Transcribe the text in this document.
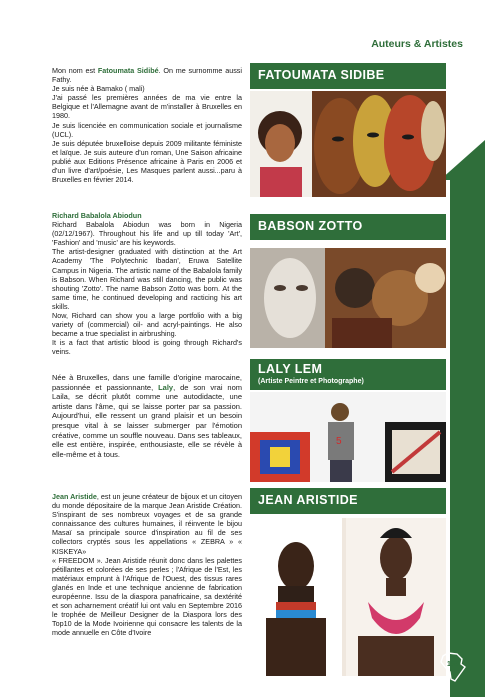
Auteurs & Artistes

Mon nom est Fatoumata Sidibé. On me surnomme aussi Fathy.

Je suis née à Bamako ( mali)

J'ai passé les premières années de ma vie entre la Belgique et l'Allemagne avant de m'installer à Bruxelles en 1980.

Je suis licenciée en communication sociale et journalisme (UCL).

Je suis députée bruxelloise depuis 2009 militante féministe et laïque. Je suis auteure d'un roman, Une Saison africaine publié aux Editions Présence africaine à Paris en 2006 et d'un livre d'art/poésie, Les Masques parlent aussi...paru à Bruxelles en février 2014.

Richard Babalola Abiodun

Richard Babalola Abiodun was born in Nigeria (02/12/1967). Throughout his life and up till today 'Art', 'Fashion' and 'music' are his keywords.

The artist-designer graduated with distinction at the Art Academy 'The Polytechnic Ibadan', Eruwa Satellite Campus in Nigeria. The artistic name of the Babalola family is Babson. When Richard was still dancing, the public was shouting 'Zotto'. The name Babson Zotto was born. At the same time, he continued developing and racticing his art skills.

Now, Richard can show you a large portfolio with a big variety of (commercial) oil- and acryl-paintings. He also became a true specialist in airbrushing.

It is a fact that artistic blood is going through Richard's veins.

Née à Bruxelles, dans une famille d'origine marocaine, passionnée et passionnante, Laly, de son vrai nom Laila, se décrit plutôt comme une autodidacte, une artiste dans l'âme, qui se laisse porter par sa passion. Aujourd'hui, elle ressent un grand plaisir et un besoin presque vital à se laisser submerger par l'émotion créative, comme un souffle nouveau. Dans ses tableaux, elle est entière, inspirée, enthousiaste, elle se révèle à elle-même et à tous.

Jean Aristide, est un jeune créateur de bijoux et un citoyen du monde dépositaire de la marque Jean Aristide Création. S'inspirant de ses nombreux voyages et de sa grande connaissance des cultures humaines, il réinvente le bijou Masaï sa principale source d'inspiration au fil de ses collectors cryptés sous les appellations « ZEBRA » « KISKEYA»

« FREEDOM ». Jean Aristide réunit donc dans les palettes pétillantes et colorées de ses perles ; l'Afrique de l'Est, les matériaux emprunt à l'Afrique de l'Ouest, des tissus rares glanés en Inde et une technique ancienne de fabrication européenne. Issu de la diaspora panafricaine, sa dextérité et son acharnement créatif lui ont valu en Septembre 2016 le trophée de Meilleur Designer de la Diaspora lors des Top10 de la Mode Ivoirienne qui consacre les talents de la mode annuelle en Côte d'Ivoire

FATOUMATA SIDIBE
BABSON ZOTTO
LALY LEM
(Artiste Peintre et Photographe)
5
JEAN ARISTIDE
155
